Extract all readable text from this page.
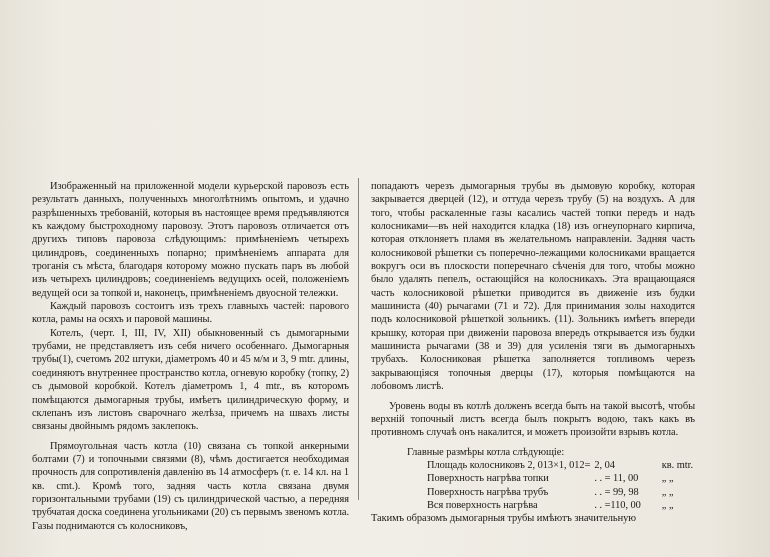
Изображенный на приложенной модели курьерской паровозъ есть результатъ данныхъ, полученныхъ многолѣтнимъ опытомъ, и удачно разрѣшенныхъ требованій, которыя въ настоящее время предъявляются къ каждому быстроходному паровозу. Этотъ паровозъ отличается отъ другихъ типовъ паровоза слѣдующимъ: примѣненіемъ четырехъ цилиндровъ, соединенныхъ попарно; примѣненіемъ аппарата для троганія съ мѣста, благодаря которому можно пускать паръ въ любой изъ четырехъ цилиндровъ; соединеніемъ ведущихъ осей, положеніемъ ведущей оси за топкой и, наконецъ, примѣненіемъ двуосной тележки.

Каждый паровозъ состоитъ изъ трехъ главныхъ частей: парового котла, рамы на осяхъ и паровой машины.

Котелъ, (черт. I, III, IV, XII) обыкновенный съ дымогарными трубами, не представляетъ изъ себя ничего особеннаго. Дымогарныя трубы(1), счетомъ 202 штуки, діаметромъ 40 и 45 м/м и 3, 9 mtr. длины, соединяютъ внутреннее пространство котла, огневую коробку (топку, 2) съ дымовой коробкой. Котелъ діаметромъ 1, 4 mtr., въ которомъ помѣщаются дымогарныя трубы, имѣетъ цилиндрическую форму, и склепанъ изъ листовъ сварочнаго желѣза, причемъ на швахъ листы связаны двойнымъ рядомъ заклепокъ.

Прямоугольная часть котла (10) связана съ топкой анкерными болтами (7) и топочными связями (8), чѣмъ достигается необходимая прочность для сопротивленія давленію въ 14 атмосферъ (т. е. 14 кл. на 1 кв. cmt.). Кромѣ того, задняя часть котла связана двумя горизонтальными трубами (19) съ цилиндрической частью, а передняя трубчатая доска соединена угольниками (20) съ первымъ звеномъ котла. Газы поднимаются съ колосниковъ,

попадаютъ черезъ дымогарныя трубы въ дымовую коробку, которая закрывается дверцей (12), и оттуда черезъ трубу (5) на воздухъ. А для того, чтобы раскаленные газы касались частей топки передъ и надъ колосниками—въ ней находится кладка (18) изъ огнеупорнаго кирпича, которая отклоняетъ пламя въ желательномъ направленіи. Задняя часть колосниковой рѣшетки съ поперечно-лежащими колосниками вращается вокругъ оси въ плоскости поперечнаго сѣченія для того, чтобы можно было удалять пепелъ, остающійся на колосникахъ. Эта вращающаяся часть колосниковой рѣшетки приводится въ движеніе изъ будки машиниста (40) рычагами (71 и 72). Для принимания золы находится подъ колосниковой рѣшеткой зольникъ. (11). Зольникъ имѣетъ впереди крышку, которая при движеніи паровоза впередъ открывается изъ будки машиниста рычагами (38 и 39) для усиленія тяги въ дымогарныхъ трубахъ. Колосниковая рѣшетка заполняется топливомъ черезъ закрывающіяся топочныя дверцы (17), которыя помѣщаются на лобовомъ листѣ.

Уровень воды въ котлѣ долженъ всегда быть на такой высотѣ, чтобы верхній топочный листъ всегда былъ покрытъ водою, такъ какъ въ противномъ случаѣ онъ накалится, и можетъ произойти взрывъ котла.

Главные размѣры котла слѣдующіе:

Площадь колосниковъ 2, 013×1, 012=	2, 04	кв. mtr.
Поверхность нагрѣва топки	. . = 11, 00	„ „
Поверхность нагрѣва трубъ	. . = 99, 98	„ „
Вся поверхность нагрѣва	. . =110, 00	„ „

Такимъ образомъ дымогарныя трубы имѣютъ значительную
